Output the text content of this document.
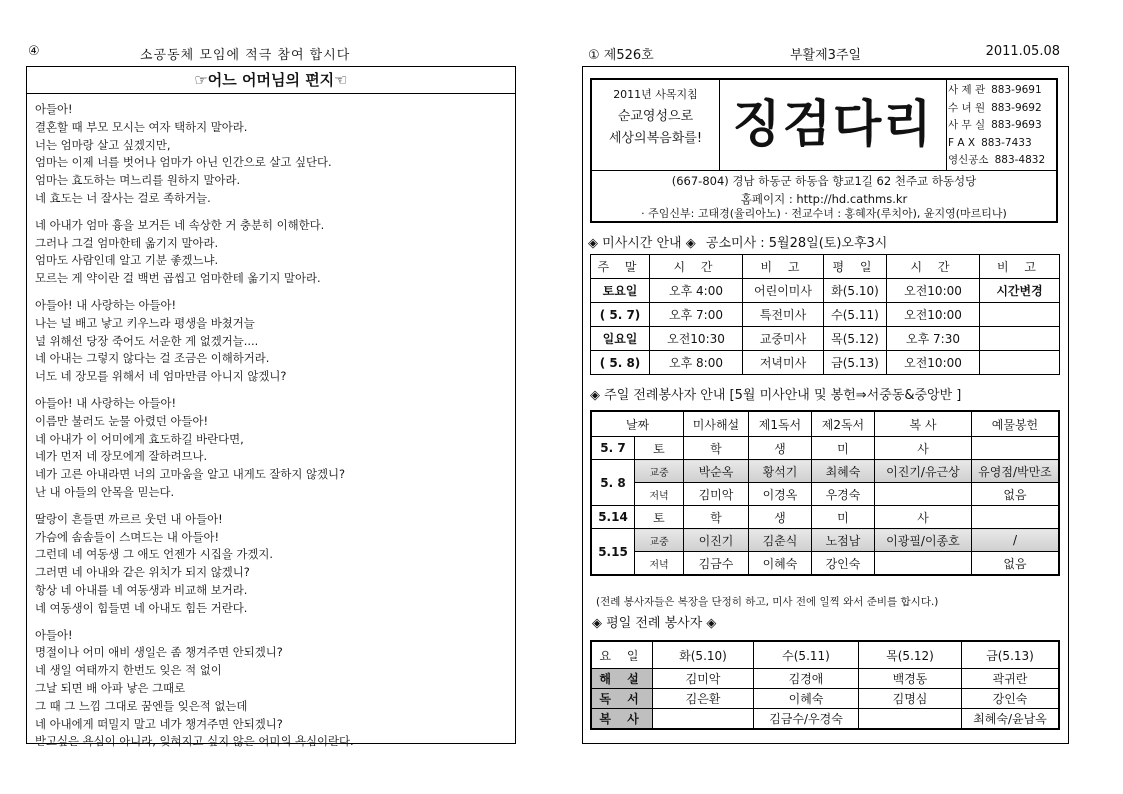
④	소공동체 모임에 적극 참여 합시다
☞어느 어머님의 편지☜
아들아!
결혼할 때 부모 모시는 여자 택하지 말아라.
너는 엄마랑 살고 싶겠지만,
엄마는 이제 너를 벗어나 엄마가 아닌 인간으로 살고 싶단다.
엄마는 효도하는 며느리를 원하지 말아라.
네 효도는 너 잘사는 걸로 족하거늘.
네 아내가 엄마 흉을 보거든 네 속상한 거 충분히 이해한다.
그러나 그걸 엄마한테 옮기지 말아라.
엄마도 사람인데 알고 기분 좋겠느냐.
모르는 게 약이란 걸 백번 곱씹고 엄마한테 옮기지 말아라.
아들아! 내 사랑하는 아들아!
나는 널 배고 낳고 키우느라 평생을 바쳤거늘
널 위해선 당장 죽어도 서운한 게 없겠거늘....
네 아내는 그렇지 않다는 걸 조금은 이해하거라.
너도 네 장모를 위해서 네 엄마만큼 아니지 않겠니?
아들아! 내 사랑하는 아들아!
이름만 불러도 눈물 아렸던 아들아!
네 아내가 이 어미에게 효도하길 바란다면,
네가 먼저 네 장모에게 잘하려므나.
네가 고른 아내라면 너의 고마움을 알고 내게도 잘하지 않겠니?
난 내 아들의 안목을 믿는다.
딸랑이 흔들면 까르르 웃던 내 아들아!
가슴에 솜솜들이 스며드는 내 아들아!
그런데 네 여동생 그 애도 언젠가 시집을 가겠지.
그러면 네 아내와 같은 위치가 되지 않겠니?
항상 네 아내를 네 여동생과 비교해 보거라.
네 여동생이 힘들면 네 아내도 힘든 거란다.
아들아!
명절이나 어미 애비 생일은 좀 챙겨주면 안되겠니?
네 생일 여태까지 한번도 잊은 적 없이
그날 되면 배 아파 낳은 그때로
그 때 그 느낌 그대로 꿈엔들 잊은적 없는데
네 아내에게 떠밀지 말고 네가 챙겨주면 안되겠니?
받고싶은 욕심이 아니라, 잊혀지고 싶지 않은 어미의 욕심이란다.
① 제526호	부활제3주일	2011.05.08
2011년 사목지침
순교영성으로
세상의복음화를! 징검다리
사 제 관 883-9691
수 녀 원 883-9692
사 무 실 883-9693
F A X 883-7433
영신공소 883-4832
(667-804) 경남 하동군 하동읍 향교1길 62 천주교 하동성당
홈페이지 : http://hd.cathms.kr
· 주임신부: 고태경(율리아노) · 전교수녀 : 홍혜자(루치아), 윤지영(마르티나)
◈ 미사시간 안내 ◈ 공소미사 : 5월28일(토)오후3시
주 말	시 간	비 고	평 일	시 간	비 고
토요일	오후 4:00	어린이미사	화(5.10)	오전10:00	시간변경
( 5. 7)	오후 7:00	특전미사	수(5.11)	오전10:00	
일요일	오전10:30	교중미사	목(5.12)	오후 7:30	
( 5. 8)	오후 8:00	저녁미사	금(5.13)	오전10:00	
◈ 주일 전례봉사자 안내 [5월 미사안내 및 봉헌⇒서중동&중앙반 ]
날짜		미사해설	제1독서	제2독서	복 사	예물봉헌
5. 7	토	학	생	미	사	
5. 8	교중	박순옥	황석기	최혜숙	이진기/유근상	유영점/박만조
	저녁	김미악	이경옥	우경숙		없음
5.14	토	학	생	미	사	
5.15	교중	이진기	김춘식	노점남	이광필/이종호	/
	저녁	김금수	이혜숙	강인숙		없음
(전례 봉사자들은 복장을 단정히 하고, 미사 전에 일찍 와서 준비를 합시다.)
◈ 평일 전례 봉사자 ◈
요 일	화(5.10)	수(5.11)	목(5.12)	금(5.13)
해 설	김미악	김경애	백경동	곽귀란
독 서	김은환	이혜숙	김명심	강인숙
복 사		김금수/우경숙		최혜숙/윤남옥
